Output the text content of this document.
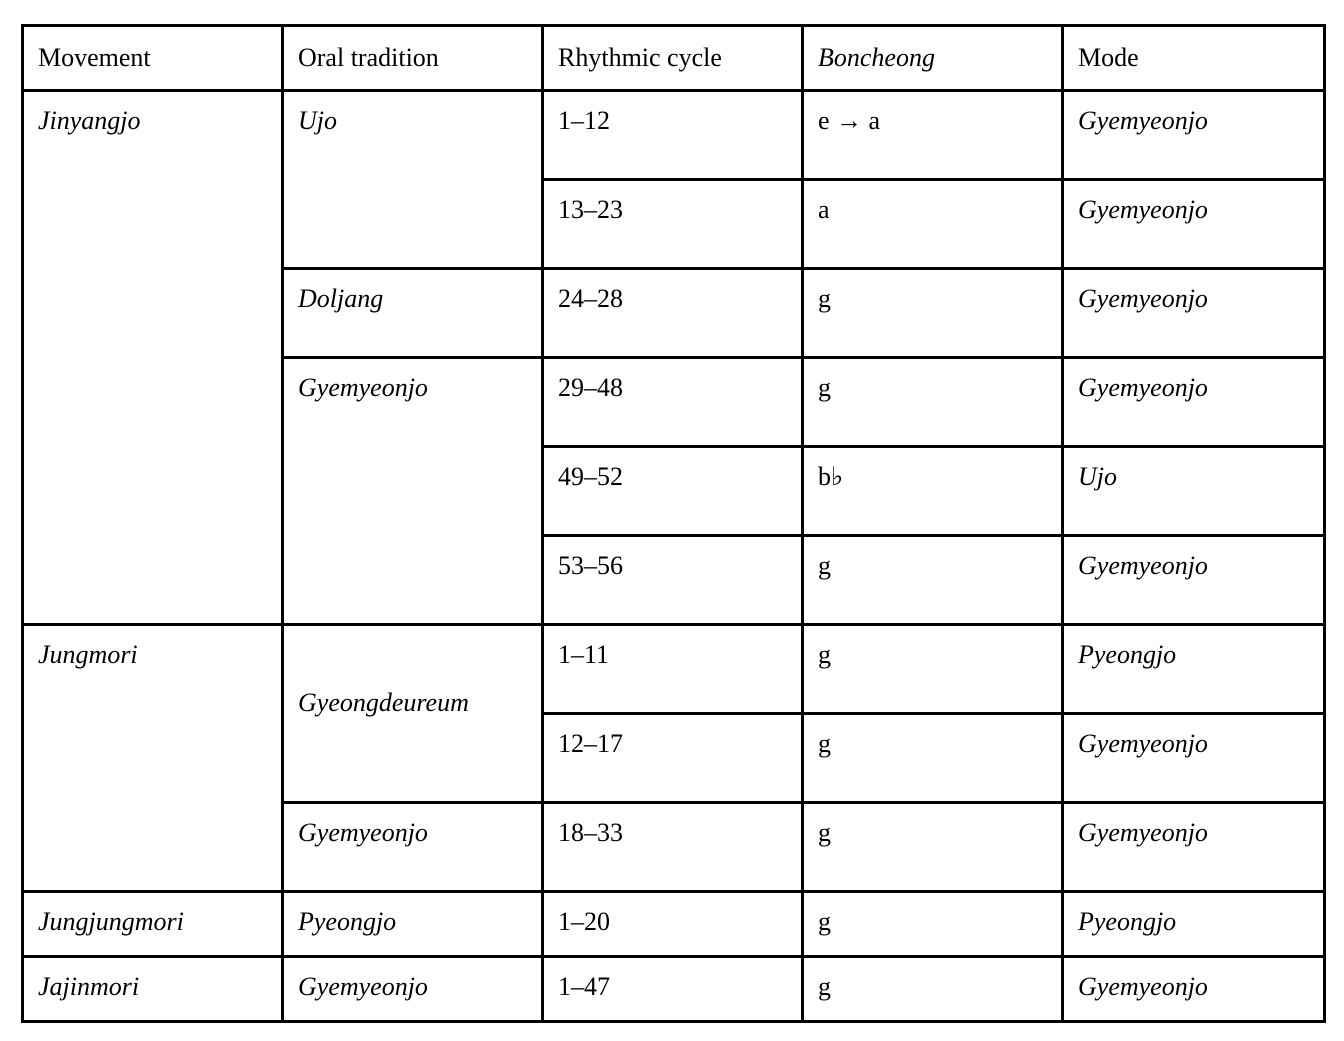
Movement	Oral tradition	Rhythmic cycle	Boncheong	Mode
Jinyangjo	Ujo	1–12	e → a	Gyemyeonjo
		13–23	a	Gyemyeonjo
	Doljang	24–28	g	Gyemyeonjo
	Gyemyeonjo	29–48	g	Gyemyeonjo
		49–52	b♭	Ujo
		53–56	g	Gyemyeonjo
Jungmori	Gyeongdeureum	1–11	g	Pyeongjo
		12–17	g	Gyemyeonjo
	Gyemyeonjo	18–33	g	Gyemyeonjo
Jungjungmori	Pyeongjo	1–20	g	Pyeongjo
Jajinmori	Gyemyeonjo	1–47	g	Gyemyeonjo
